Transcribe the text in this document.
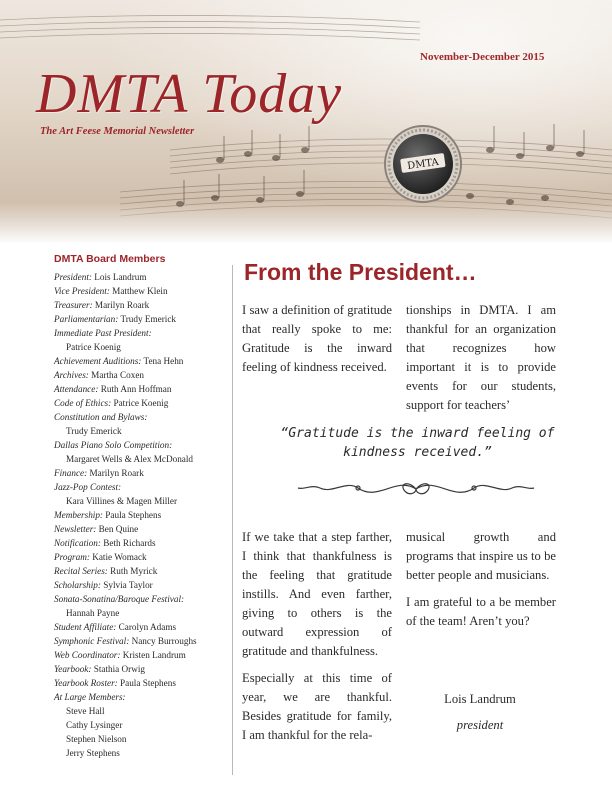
November-December 2015
DMTA Today
The Art Feese Memorial Newsletter
DMTA
DMTA Board Members
President: Lois Landrum
Vice President: Matthew Klein
Treasurer: Marilyn Roark
Parliamentarian: Trudy Emerick
Immediate Past President:
Patrice Koenig
Achievement Auditions: Tena Hehn
Archives: Martha Coxen
Attendance: Ruth Ann Hoffman
Code of Ethics: Patrice Koenig
Constitution and Bylaws:
Trudy Emerick
Dallas Piano Solo Competition:
Margaret Wells & Alex McDonald
Finance: Marilyn Roark
Jazz-Pop Contest:
Kara Villines & Magen Miller
Membership: Paula Stephens
Newsletter: Ben Quine
Notification: Beth Richards
Program: Katie Womack
Recital Series: Ruth Myrick
Scholarship: Sylvia Taylor
Sonata-Sonatina/Baroque Festival:
Hannah Payne
Student Affiliate: Carolyn Adams
Symphonic Festival: Nancy Burroughs
Web Coordinator: Kristen Landrum
Yearbook: Stathia Orwig
Yearbook Roster: Paula Stephens
At Large Members:
Steve Hall
Cathy Lysinger
Stephen Nielson
Jerry Stephens
From the President…

I saw a definition of gratitude that really spoke to me: Gratitude is the inward feeling of kindness received.

tionships in DMTA. I am thankful for an organization that recognizes how important it is to provide events for our students, support for teachers’

“Gratitude is the inward feeling of kindness received.”

If we take that a step farther, I think that thankfulness is the feeling that gratitude instills. And even farther, giving to others is the outward expression of gratitude and thankfulness.

Especially at this time of year, we are thankful. Besides gratitude for family, I am thankful for the rela-

musical growth and programs that inspire us to be better people and musicians.

I am grateful to a be member of the team! Aren’t you?

Lois Landrum
president
